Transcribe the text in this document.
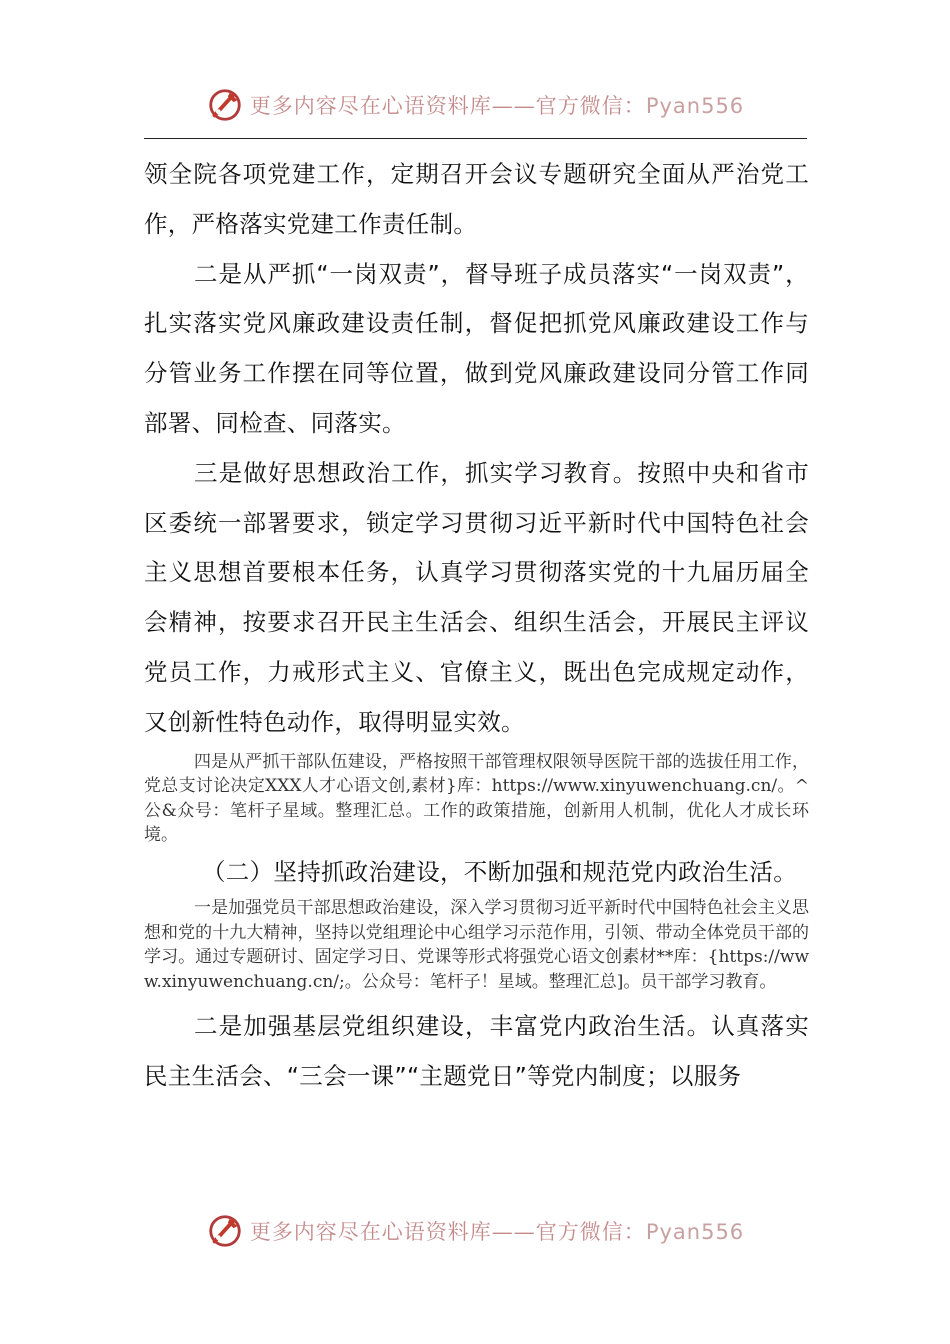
更多内容尽在心语资料库——官方微信：Pyan556

领全院各项党建工作，定期召开会议专题研究全面从严治党工作，严格落实党建工作责任制。

二是从严抓“一岗双责”，督导班子成员落实“一岗双责”，扎实落实党风廉政建设责任制，督促把抓党风廉政建设工作与分管业务工作摆在同等位置，做到党风廉政建设同分管工作同部署、同检查、同落实。

三是做好思想政治工作，抓实学习教育。按照中央和省市区委统一部署要求，锁定学习贯彻习近平新时代中国特色社会主义思想首要根本任务，认真学习贯彻落实党的十九届历届全会精神，按要求召开民主生活会、组织生活会，开展民主评议党员工作，力戒形式主义、官僚主义，既出色完成规定动作，又创新性特色动作，取得明显实效。

四是从严抓干部队伍建设，严格按照干部管理权限领导医院干部的选拔任用工作，党总支讨论决定XXX人才心语文创,素材}库：https://www.xinyuwenchuang.cn/。^公&众号：笔杆子星域。整理汇总。工作的政策措施，创新用人机制，优化人才成长环境。

（二）坚持抓政治建设，不断加强和规范党内政治生活。

一是加强党员干部思想政治建设，深入学习贯彻习近平新时代中国特色社会主义思想和党的十九大精神，坚持以党组理论中心组学习示范作用，引领、带动全体党员干部的学习。通过专题研讨、固定学习日、党课等形式将强党心语文创素材**库：{https://www.xinyuwenchuang.cn/;。公众号：笔杆子！星域。整理汇总]。员干部学习教育。

二是加强基层党组织建设，丰富党内政治生活。认真落实民主生活会、“三会一课”“主题党日”等党内制度；以服务

更多内容尽在心语资料库——官方微信：Pyan556
